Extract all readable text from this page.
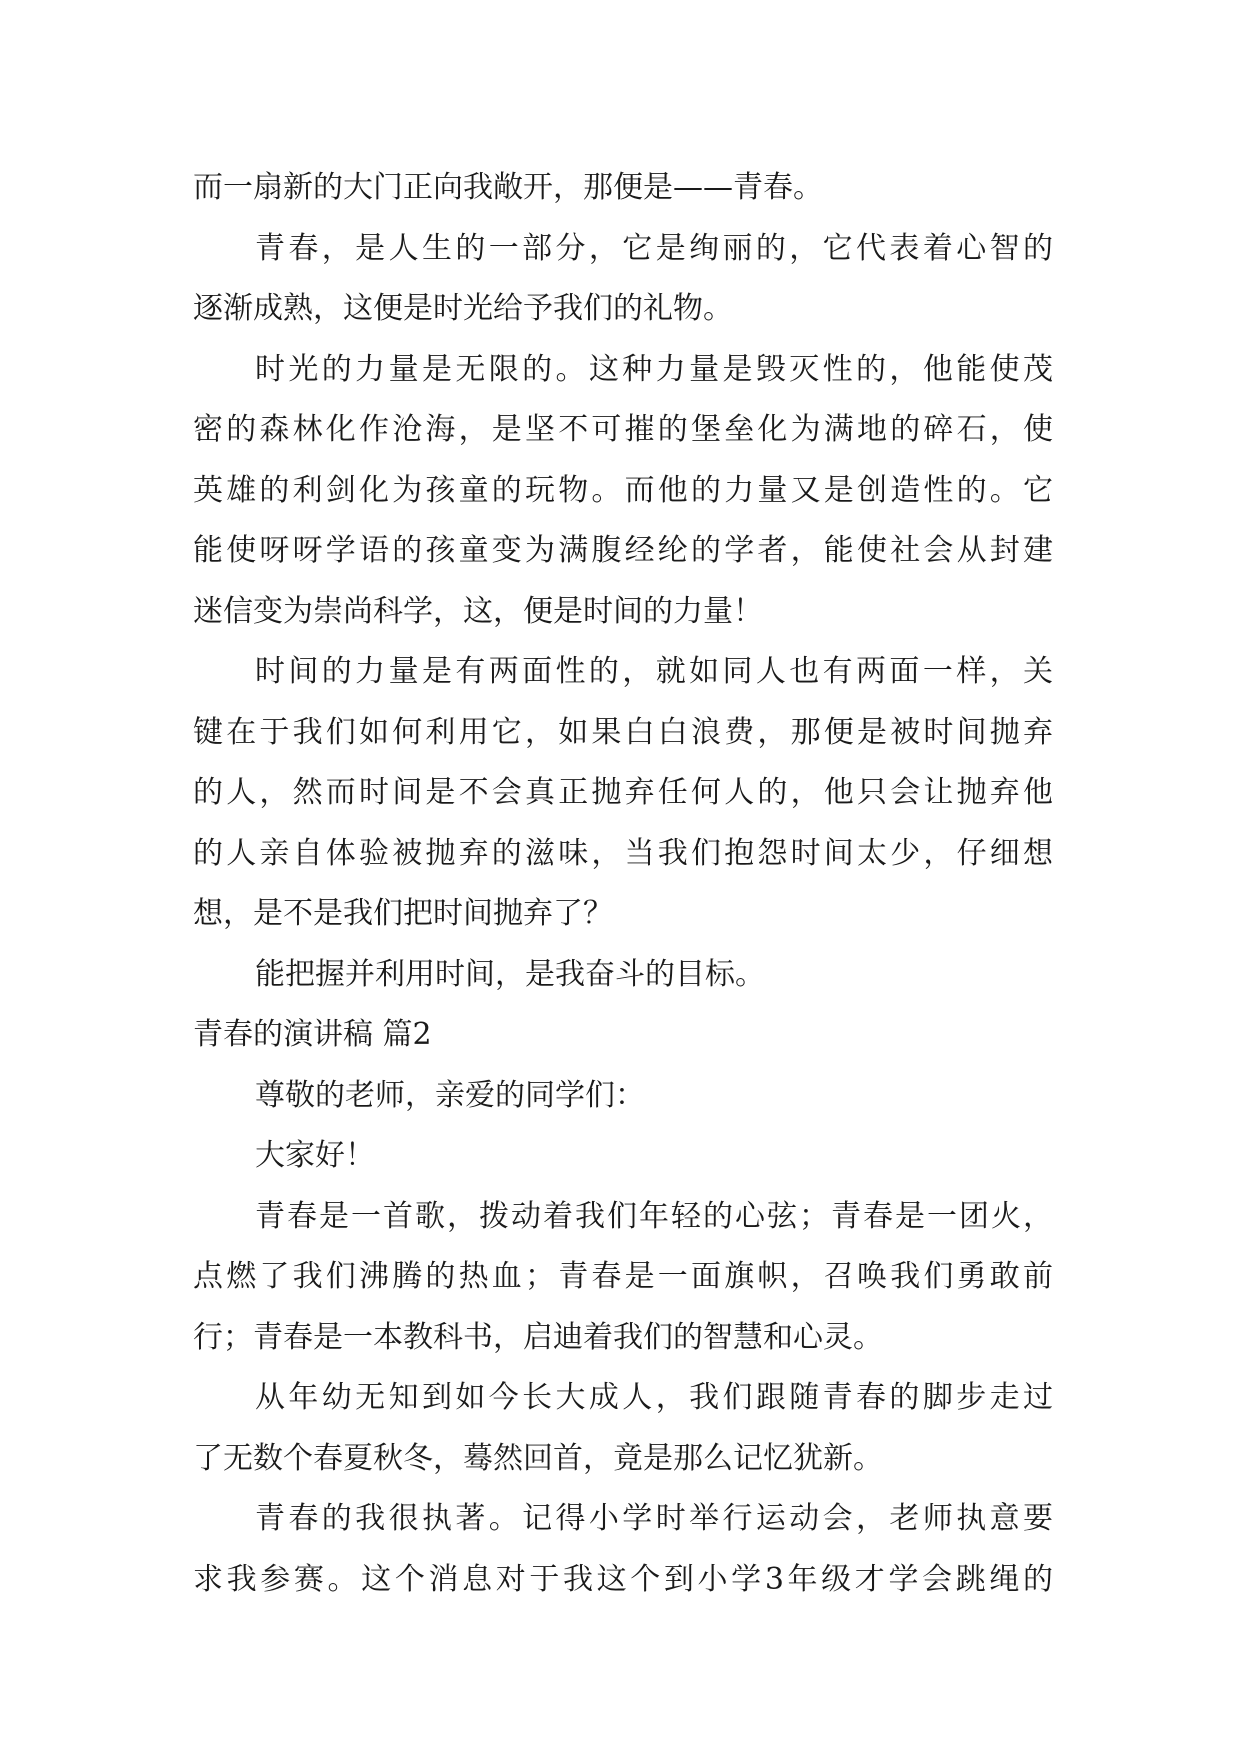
而一扇新的大门正向我敞开，那便是——青春。
青春，是人生的一部分，它是绚丽的，它代表着心智的
逐渐成熟，这便是时光给予我们的礼物。
时光的力量是无限的。这种力量是毁灭性的，他能使茂
密的森林化作沧海，是坚不可摧的堡垒化为满地的碎石，使
英雄的利剑化为孩童的玩物。而他的力量又是创造性的。它
能使呀呀学语的孩童变为满腹经纶的学者，能使社会从封建
迷信变为崇尚科学，这，便是时间的力量！
时间的力量是有两面性的，就如同人也有两面一样，关
键在于我们如何利用它，如果白白浪费，那便是被时间抛弃
的人，然而时间是不会真正抛弃任何人的，他只会让抛弃他
的人亲自体验被抛弃的滋味，当我们抱怨时间太少，仔细想
想，是不是我们把时间抛弃了？
能把握并利用时间，是我奋斗的目标。
青春的演讲稿 篇2
尊敬的老师，亲爱的同学们：
大家好！
青春是一首歌，拨动着我们年轻的心弦；青春是一团火，
点燃了我们沸腾的热血；青春是一面旗帜，召唤我们勇敢前
行；青春是一本教科书，启迪着我们的智慧和心灵。
从年幼无知到如今长大成人，我们跟随青春的脚步走过
了无数个春夏秋冬，蓦然回首，竟是那么记忆犹新。
青春的我很执著。记得小学时举行运动会，老师执意要
求我参赛。这个消息对于我这个到小学3年级才学会跳绳的
